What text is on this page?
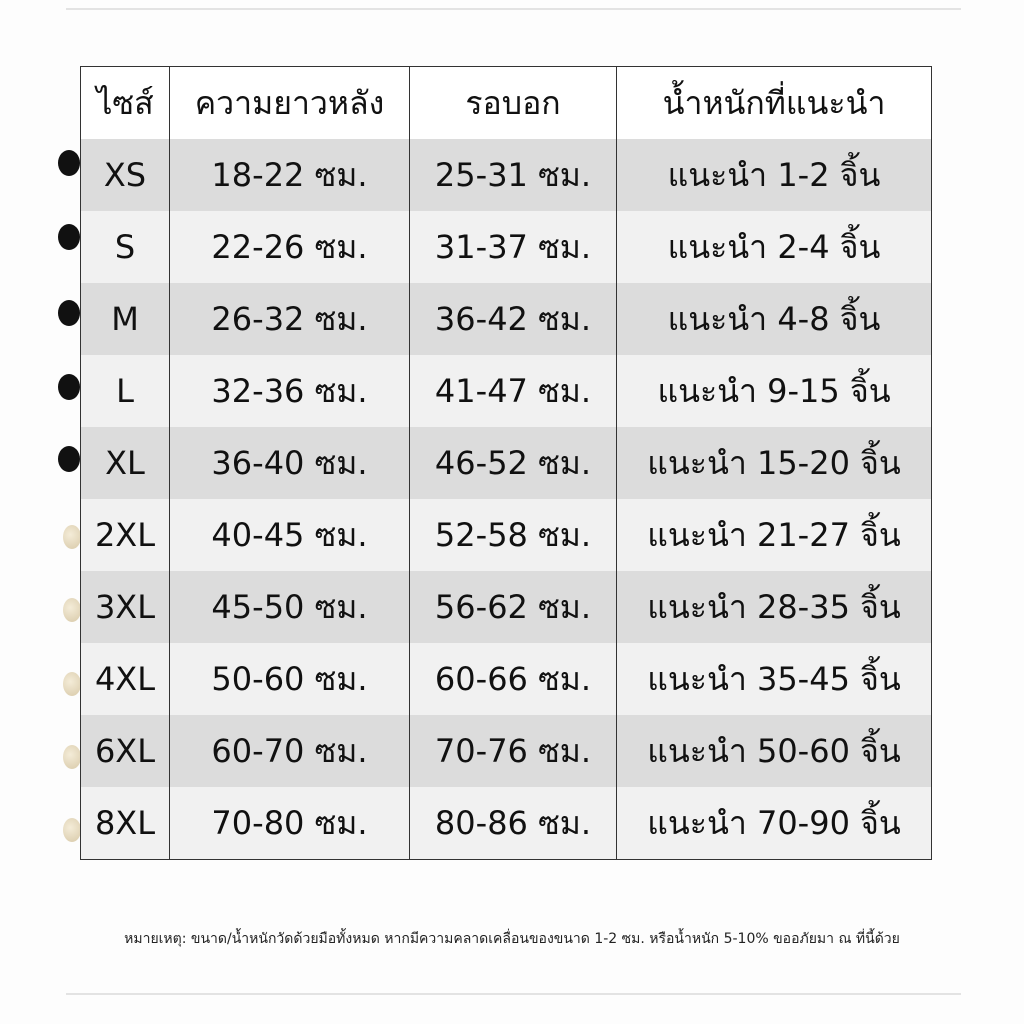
ไซส์	ความยาวหลัง	รอบอก	น้ำหนักที่แนะนำ
XS	18-22 ซม.	25-31 ซม.	แนะนำ 1-2 จิ้น
S	22-26 ซม.	31-37 ซม.	แนะนำ 2-4 จิ้น
M	26-32 ซม.	36-42 ซม.	แนะนำ 4-8 จิ้น
L	32-36 ซม.	41-47 ซม.	แนะนำ 9-15 จิ้น
XL	36-40 ซม.	46-52 ซม.	แนะนำ 15-20 จิ้น
2XL	40-45 ซม.	52-58 ซม.	แนะนำ 21-27 จิ้น
3XL	45-50 ซม.	56-62 ซม.	แนะนำ 28-35 จิ้น
4XL	50-60 ซม.	60-66 ซม.	แนะนำ 35-45 จิ้น
6XL	60-70 ซม.	70-76 ซม.	แนะนำ 50-60 จิ้น
8XL	70-80 ซม.	80-86 ซม.	แนะนำ 70-90 จิ้น
หมายเหตุ: ขนาด/น้ำหนักวัดด้วยมือทั้งหมด หากมีความคลาดเคลื่อนของขนาด 1-2 ซม. หรือน้ำหนัก 5-10% ขออภัยมา ณ ที่นี้ด้วย
